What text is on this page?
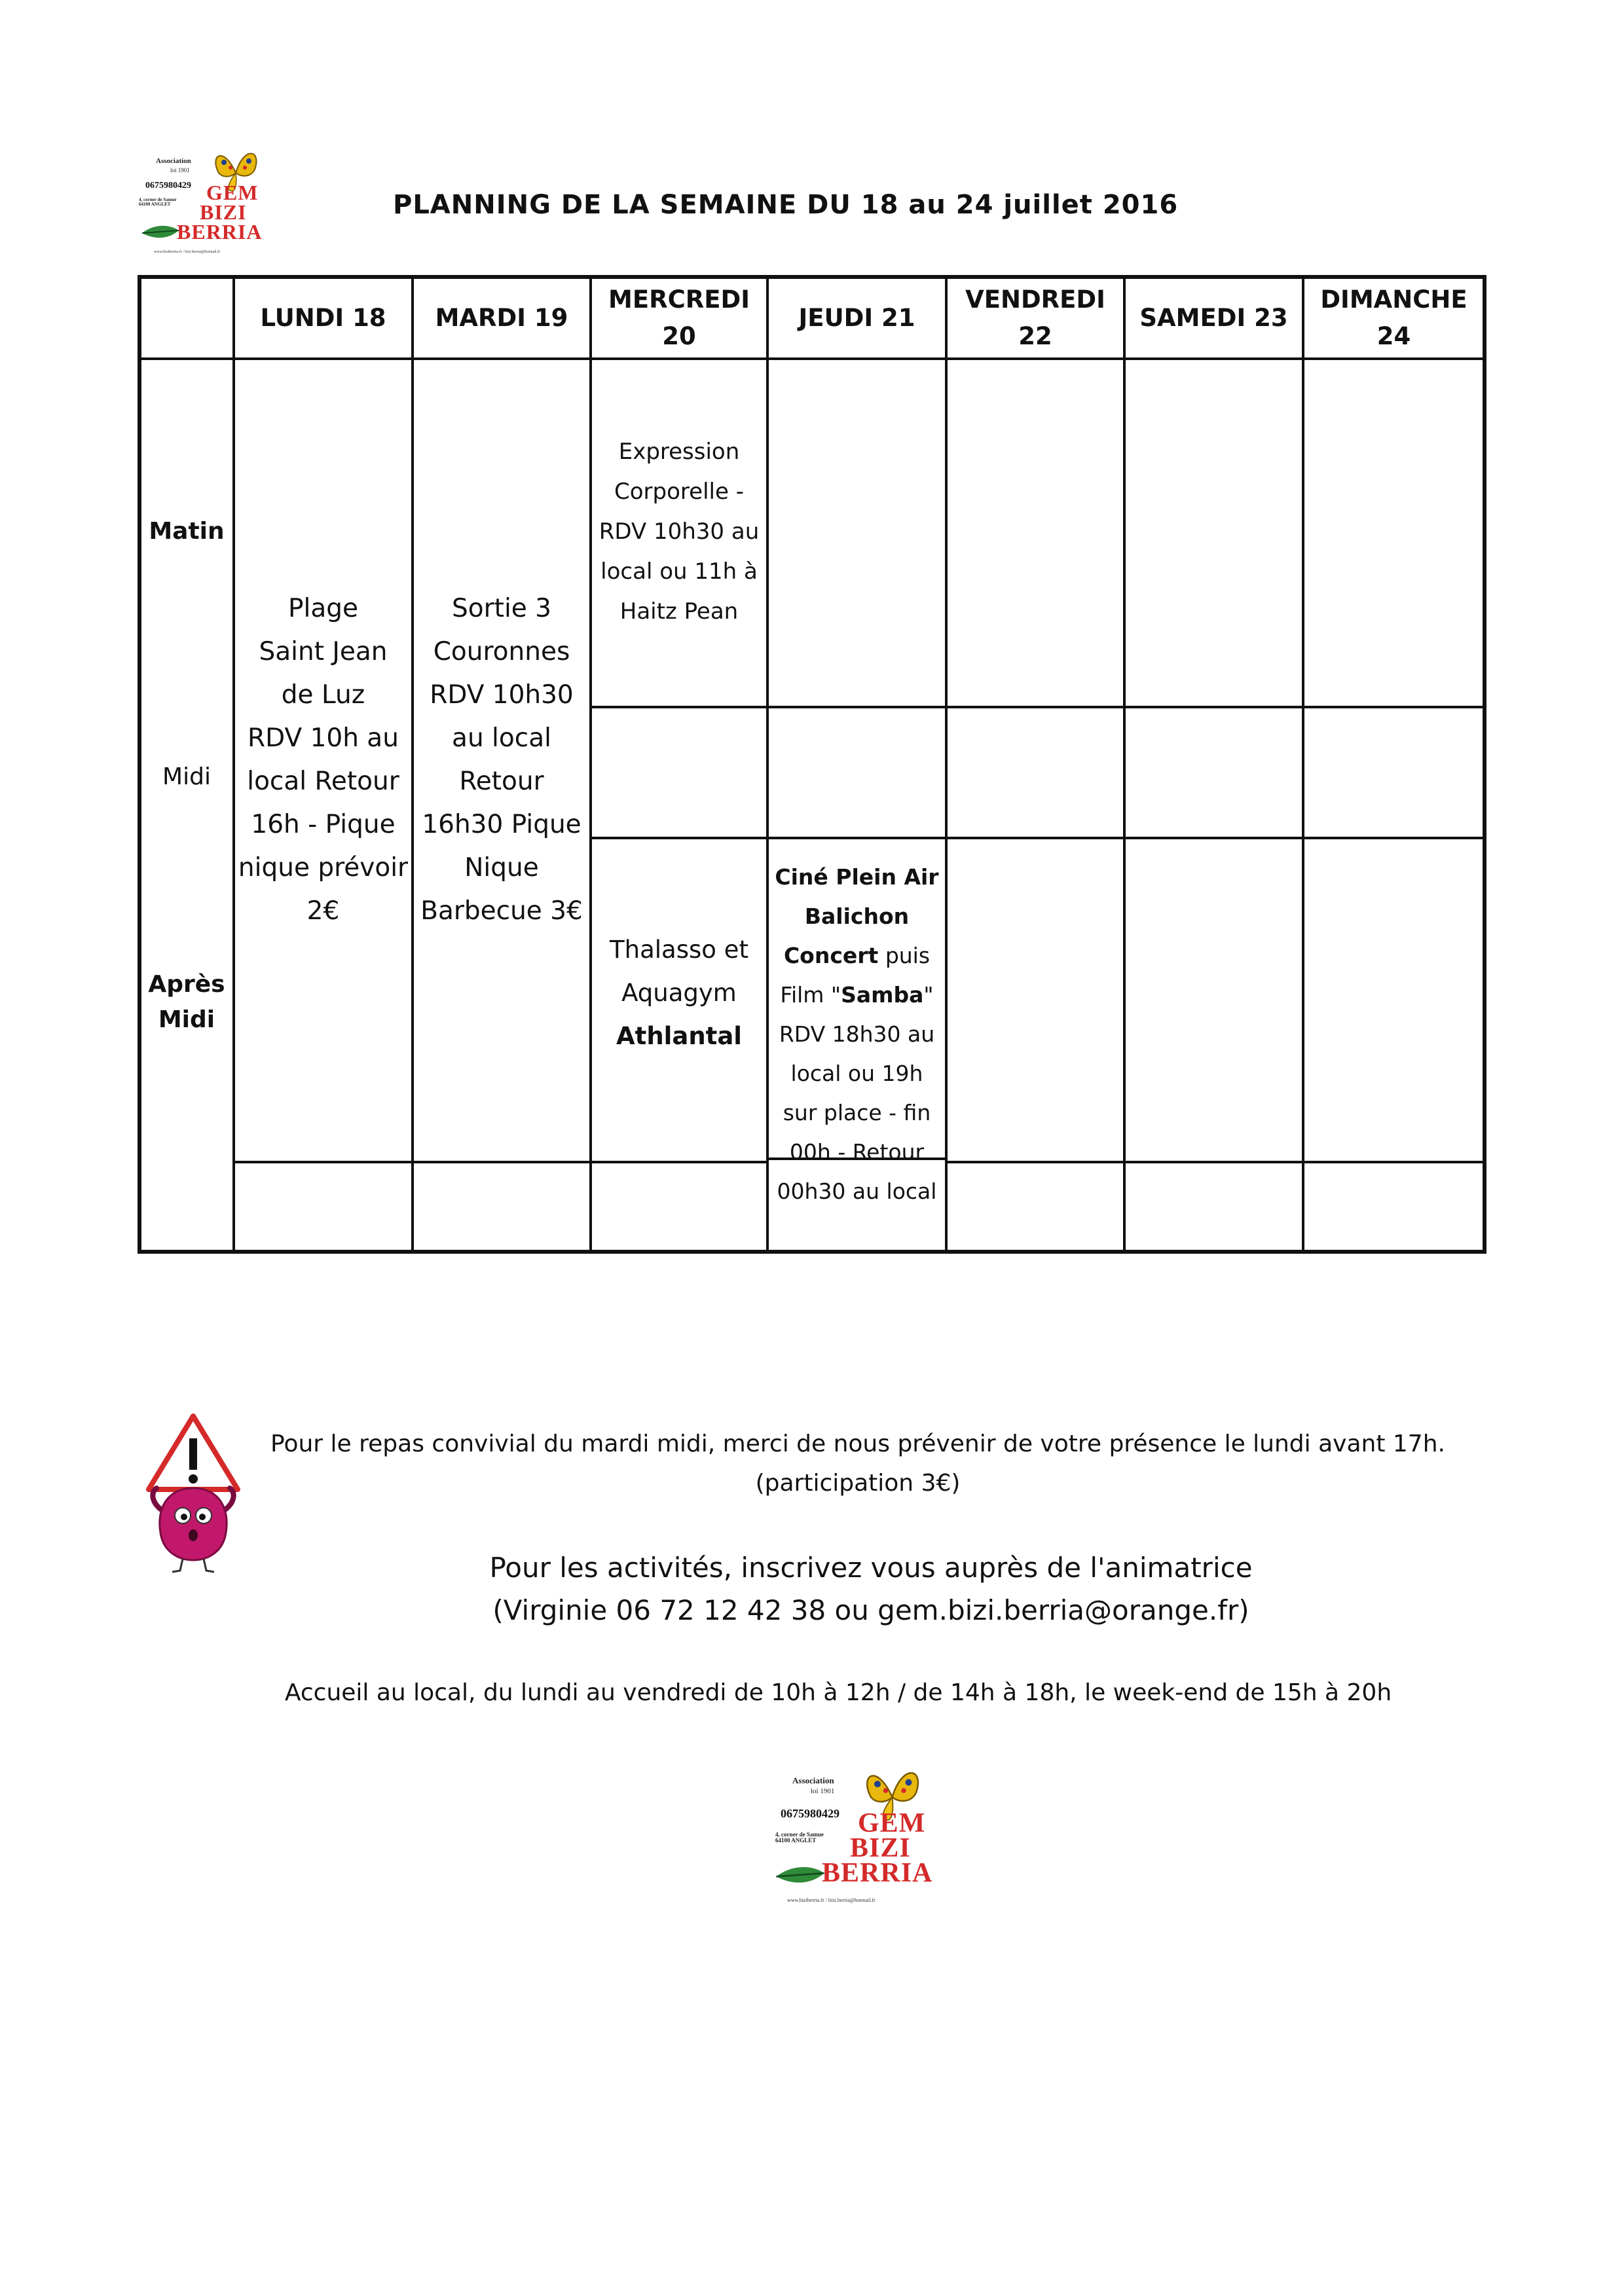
Association
loi 1901
0675980429
4, corner de Samue
64100 ANGLET
GEM
BIZI
BERRIA
www.biziberria.fr / bizi.berria@hotmail.fr
PLANNING DE LA SEMAINE DU 18 au 24 juillet 2016
LUNDI 18 MARDI 19
MERCREDI
20
JEUDI 21
VENDREDI
22
SAMEDI 23
DIMANCHE
24
Matin
Midi
Après
Midi
Plage
Saint Jean
de Luz
RDV 10h au
local Retour
16h - Pique
nique prévoir
2€
Sortie 3
Couronnes
RDV 10h30
au local
Retour
16h30 Pique
Nique
Barbecue 3€
Expression
Corporelle -
RDV 10h30 au
local ou 11h à
Haitz Pean
Thalasso et
Aquagym
Athlantal
Ciné Plein Air
Balichon
Concert puis
Film "Samba"
RDV 18h30 au
local ou 19h
sur place - fin
00h - Retour
00h30 au local
Pour le repas convivial du mardi midi, merci de nous prévenir de votre présence le lundi avant 17h.
(participation 3€)
Pour les activités, inscrivez vous auprès de l'animatrice
(Virginie 06 72 12 42 38 ou gem.bizi.berria@orange.fr)
Accueil au local, du lundi au vendredi de 10h à 12h / de 14h à 18h, le week-end de 15h à 20h
Association
loi 1901
0675980429
4, corner de Samue
64100 ANGLET
GEM
BIZI
BERRIA
www.biziberria.fr / bizi.berria@hotmail.fr
